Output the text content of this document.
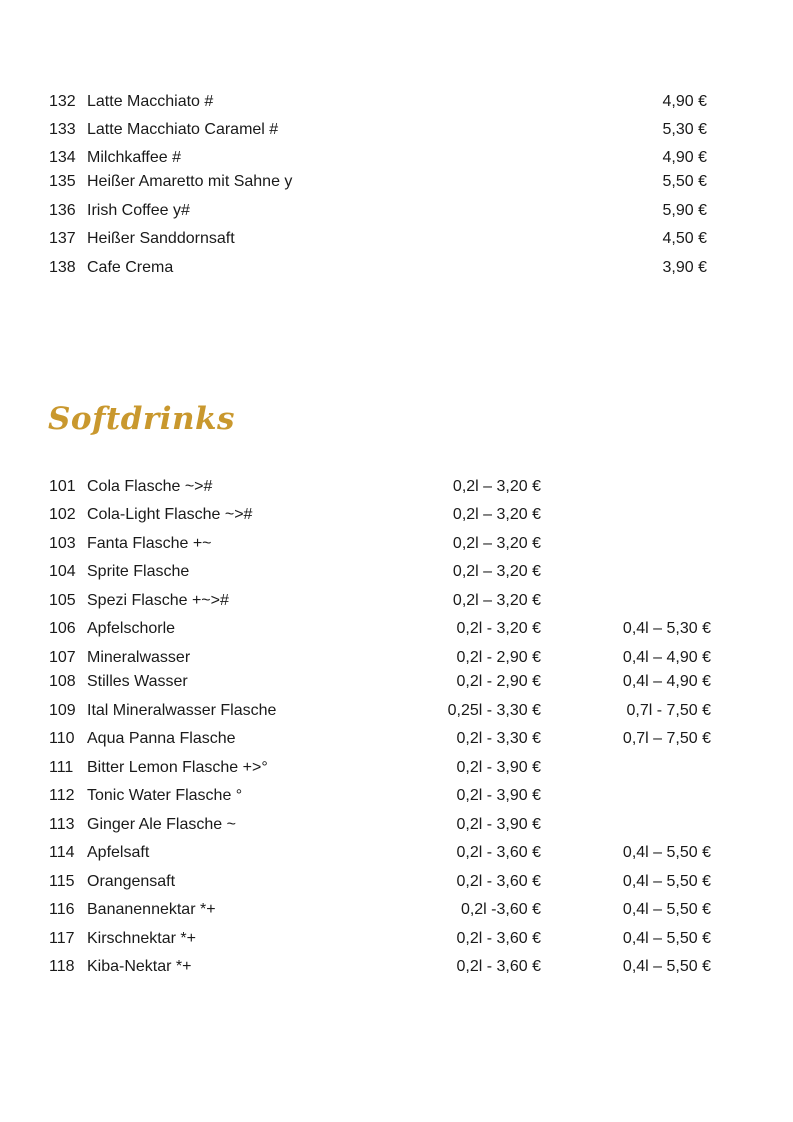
132 Latte Macchiato #	4,90 €
133 Latte Macchiato Caramel #	5,30 €
134 Milchkaffee #	4,90 €
135 Heißer Amaretto mit Sahne y	5,50 €
136 Irish Coffee y#	5,90 €
137 Heißer Sanddornsaft	4,50 €
138 Cafe Crema	3,90 €
Softdrinks
101 Cola Flasche ~>#	0,2l – 3,20 €
102 Cola-Light Flasche ~>#	0,2l – 3,20 €
103 Fanta Flasche +~	0,2l – 3,20 €
104 Sprite Flasche	0,2l – 3,20 €
105 Spezi Flasche +~>#	0,2l – 3,20 €
106 Apfelschorle	0,2l - 3,20 €	0,4l – 5,30 €
107 Mineralwasser	0,2l - 2,90 €	0,4l – 4,90 €
108 Stilles Wasser	0,2l - 2,90 €	0,4l – 4,90 €
109 Ital Mineralwasser Flasche	0,25l - 3,30 €	0,7l - 7,50 €
110 Aqua Panna Flasche	0,2l - 3,30 €	0,7l – 7,50 €
111 Bitter Lemon Flasche +>°	0,2l - 3,90 €
112 Tonic Water Flasche °	0,2l - 3,90 €
113 Ginger Ale Flasche ~	0,2l - 3,90 €
114 Apfelsaft	0,2l - 3,60 €	0,4l – 5,50 €
115 Orangensaft	0,2l - 3,60 €	0,4l – 5,50 €
116 Bananennektar *+	0,2l -3,60 €	0,4l – 5,50 €
117 Kirschnektar *+	0,2l - 3,60 €	0,4l – 5,50 €
118 Kiba-Nektar *+	0,2l - 3,60 €	0,4l – 5,50 €
